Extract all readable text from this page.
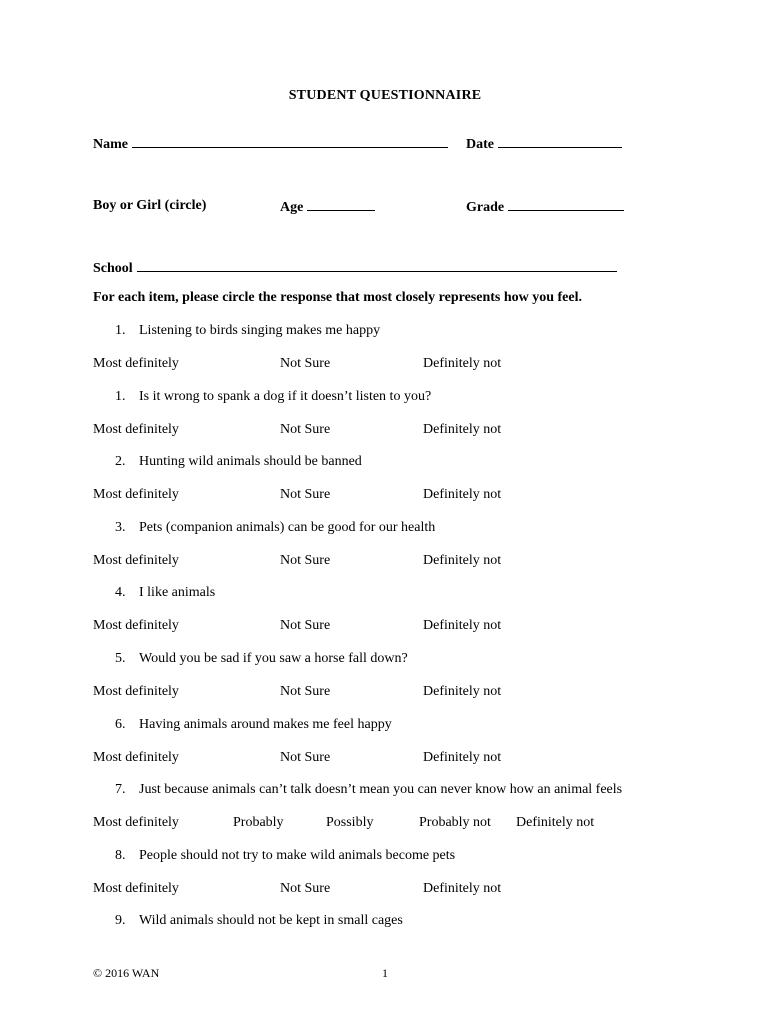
STUDENT QUESTIONNAIRE
Name	Date
Boy or Girl (circle)	Age	Grade
School
For each item, please circle the response that most closely represents how you feel.
1. Listening to birds singing makes me happy
Most definitely	Not Sure	Definitely not
1. Is it wrong to spank a dog if it doesn’t listen to you?
Most definitely	Not Sure	Definitely not
2. Hunting wild animals should be banned
Most definitely	Not Sure	Definitely not
3. Pets (companion animals) can be good for our health
Most definitely	Not Sure	Definitely not
4. I like animals
Most definitely	Not Sure	Definitely not
5. Would you be sad if you saw a horse fall down?
Most definitely	Not Sure	Definitely not
6. Having animals around makes me feel happy
Most definitely	Not Sure	Definitely not
7. Just because animals can’t talk doesn’t mean you can never know how an animal feels
Most definitely	Probably	Possibly	Probably not Definitely not
8. People should not try to make wild animals become pets
Most definitely	Not Sure	Definitely not
9. Wild animals should not be kept in small cages
© 2016 WAN	1
